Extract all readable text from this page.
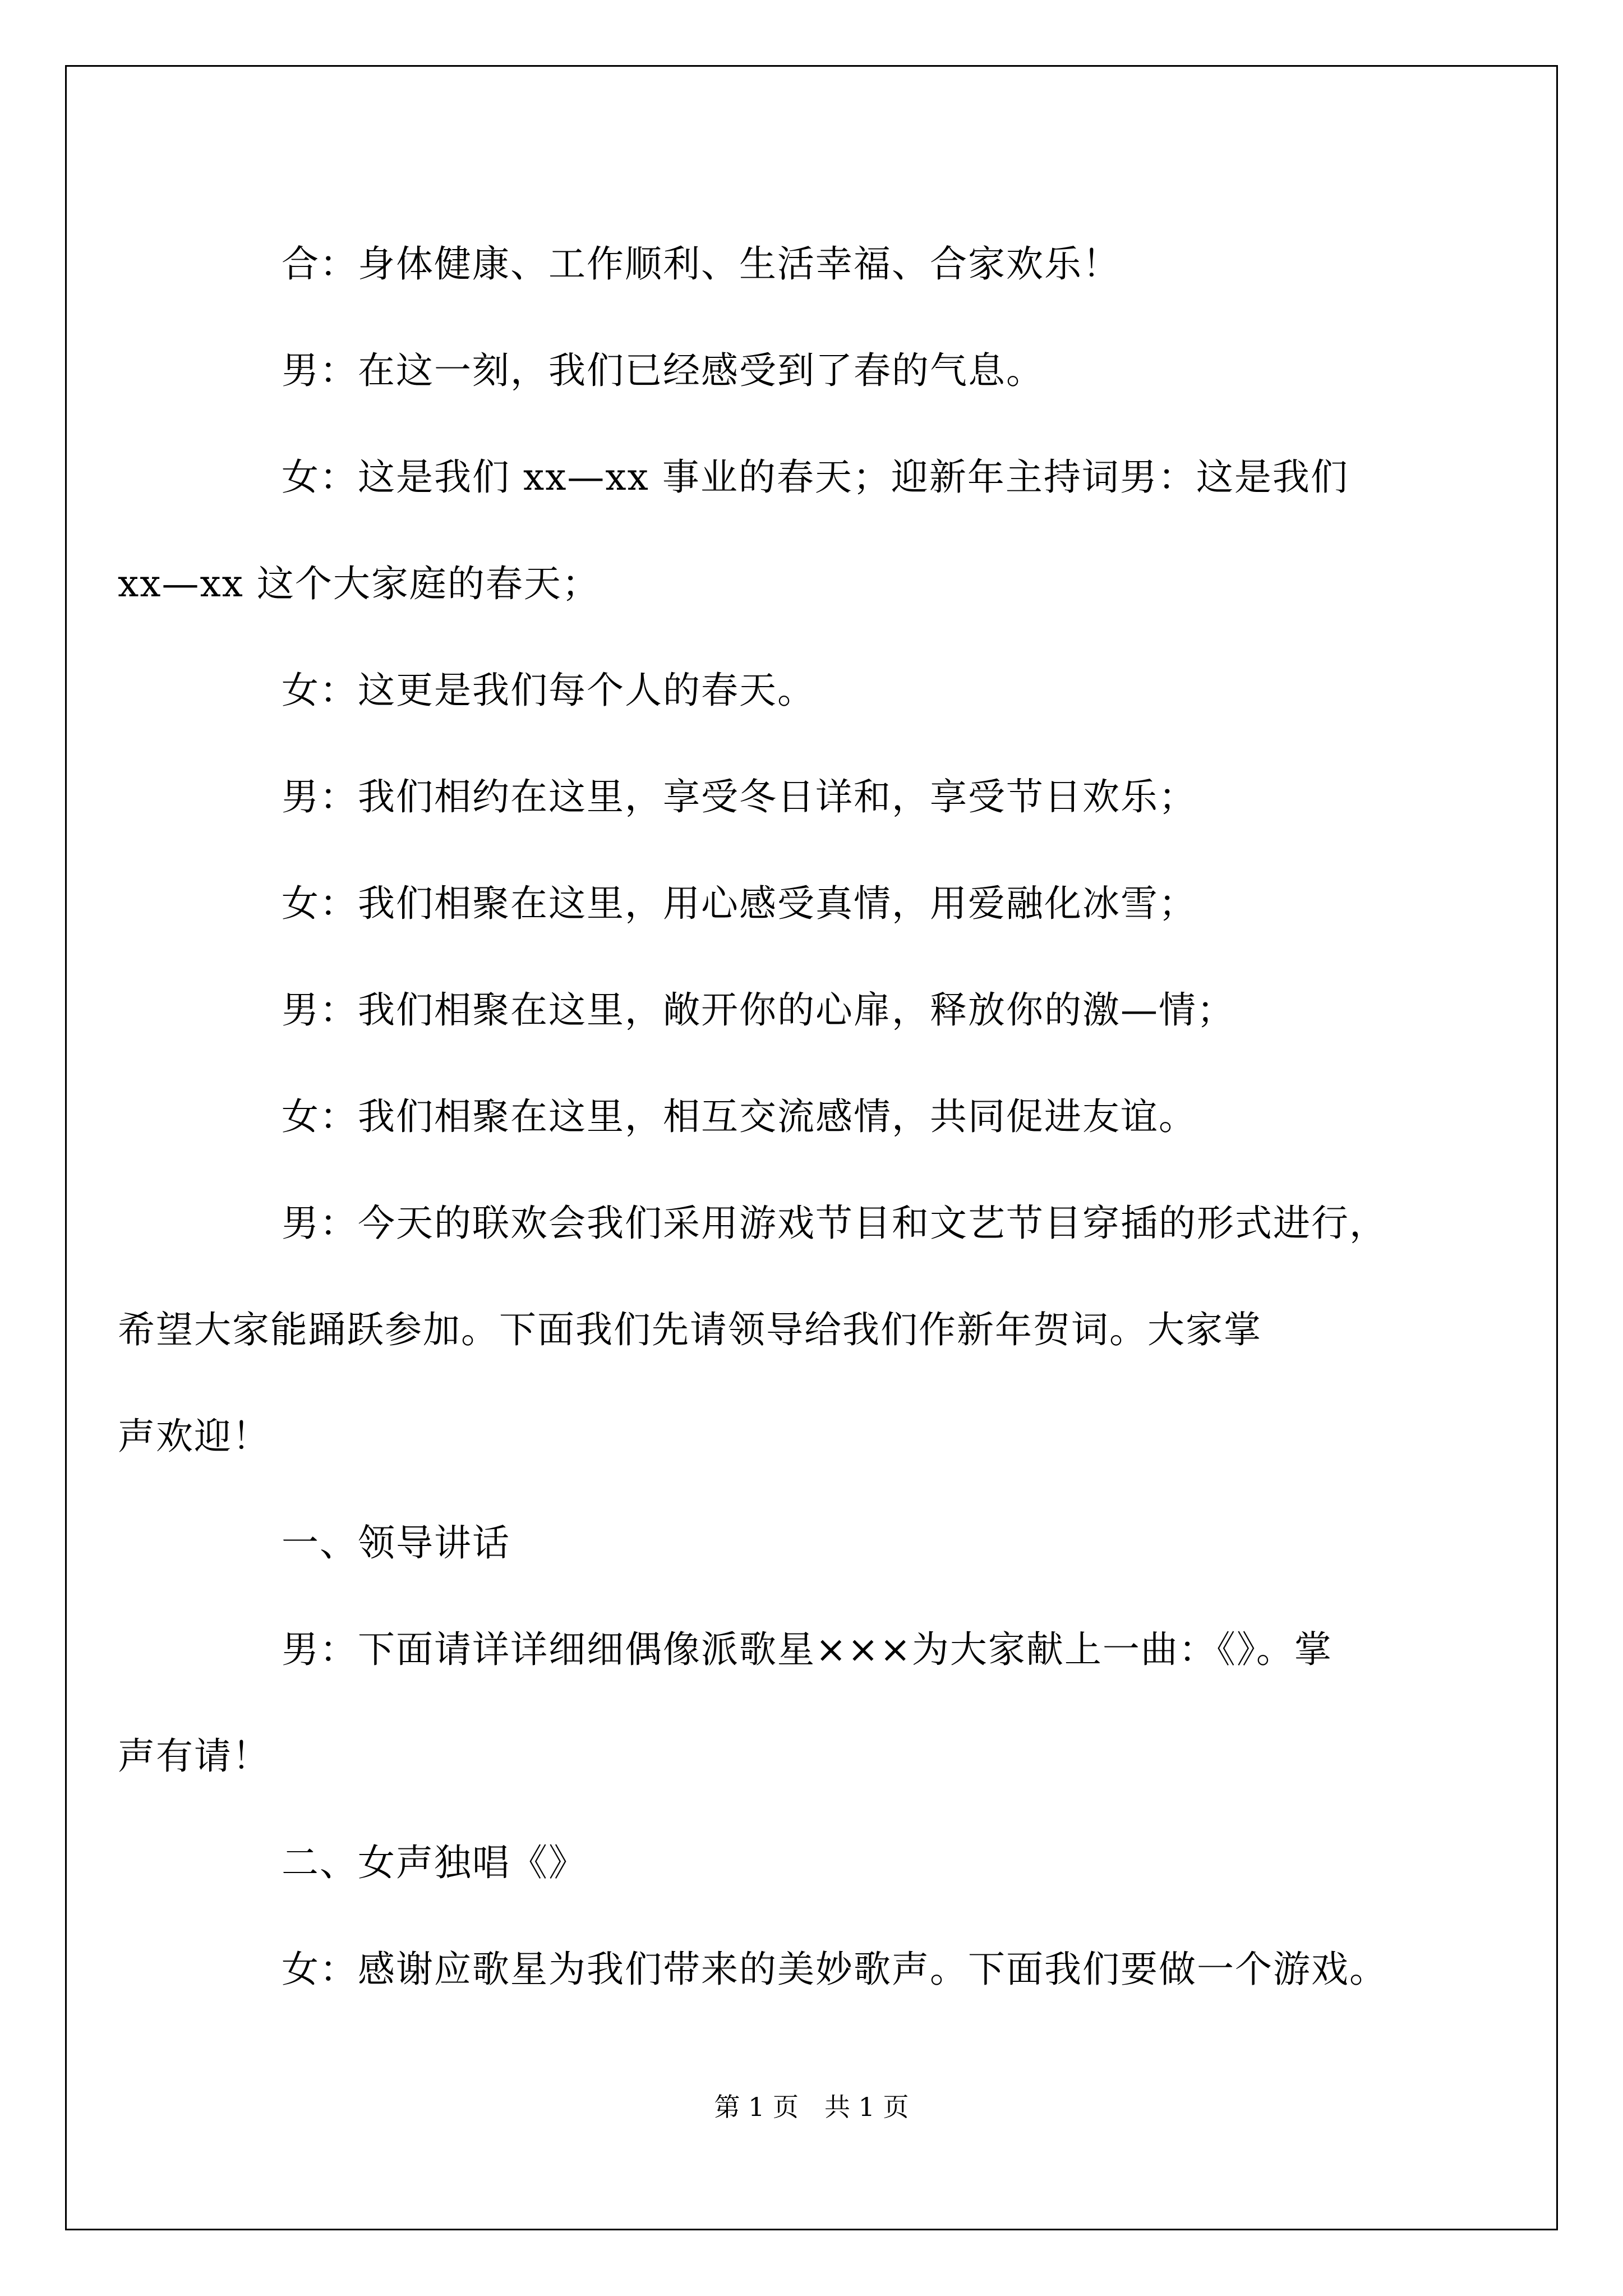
合：身体健康、工作顺利、生活幸福、合家欢乐！

男：在这一刻，我们已经感受到了春的气息。

女：这是我们 xx—xx 事业的春天；迎新年主持词男：这是我们
xx—xx 这个大家庭的春天；

女：这更是我们每个人的春天。

男：我们相约在这里，享受冬日详和，享受节日欢乐；

女：我们相聚在这里，用心感受真情，用爱融化冰雪；

男：我们相聚在这里，敞开你的心扉，释放你的激—情；

女：我们相聚在这里，相互交流感情，共同促进友谊。

男：今天的联欢会我们采用游戏节目和文艺节目穿插的形式进行，
希望大家能踊跃参加。下面我们先请领导给我们作新年贺词。大家掌
声欢迎！

一、领导讲话

男：下面请详详细细偶像派歌星×××为大家献上一曲：《》。掌
声有请！

二、女声独唱《》

女：感谢应歌星为我们带来的美妙歌声。下面我们要做一个游戏。

第 1 页　共 1 页
